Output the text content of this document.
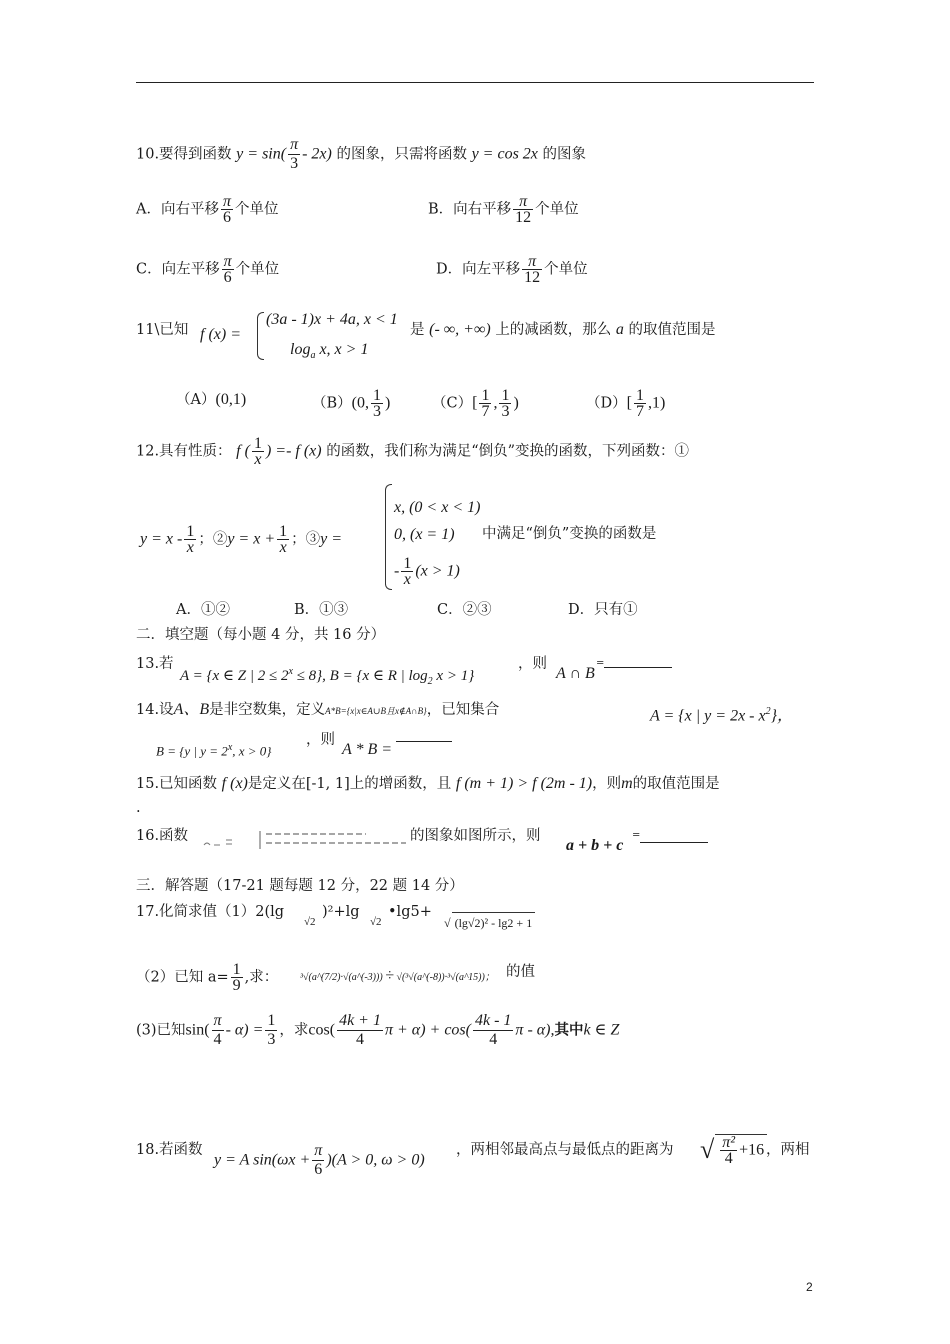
10.要得到函数 $y = \sin( \frac{\pi}{3} - 2x)$ 的图象，只需将函数 y = cos 2x 的图象
A．向右平移 $\frac{\pi}{6}$ 个单位	B．向右平移 $\frac{\pi}{12}$ 个单位
C．向左平移 $\frac{\pi}{6}$ 个单位	D．向左平移 $\frac{\pi}{12}$ 个单位
11\已知 f (x) =
(3a - 1)x + 4a, x < 1
$\log_a x$, x > 1
是 (- ∞, +∞) 上的减函数，那么 a 的取值范围是
（A）(0,1)	（B）(0, $\frac{1}{3}$ )	$(C)[ \frac{1}{7}$ , $\frac{1}{3}$ )	$(D)[ \frac{1}{7} ,1)$
12.具有性质： f ( $\frac{1}{x}$ ) =- f (x) 的函数，我们称为满足“倒负”变换的函数，下列函数：①
$y = x - \frac{1}{x}$ ；②y = $x + \frac{1}{x}$ ；③y =
x, (0 < x < 1)
0, (x = 1)
- $\frac{1}{x} (x > 1)$
中满足“倒负”变换的函数是
A．①②	B．①③	C．②③	D．只有①
二．填空题（每小题 4 分，共 16 分）
13.若
A = {x ∈ Z | $2 \le 2^x \le 8$}, B = {x ∈ R | $\log_2 x > 1$}
，则
A ∩ B
=
14.设A、B是非空数集，定义A*B={x|x∈A∪B且x∉A∩B}，已知集合	A = {x | $y = 2x - x^2$}，
B = {y | $y = 2^x$, x > 0}
，则
A * B =
15.已知函数 f (x)是定义在[-1, 1]上的增函数，且 f (m + 1) > f (2m - 1)，则m的取值范围是
.
16.函数	的图象如图所示，则
a + b + c
=
三．解答题（17-21 题每题 12 分，22 题 14 分）
17.化简求值（1）2(lg
√2
)²+lg
√2
•lg5+
√ (lg√2)² - lg2 + 1
（2）已知 $a= \frac{1}{9}$ ,求： ³√(a^(7/2)·√(a^(-3))) ÷ √(³√(a^(-8))·³√(a^15))； 的值
(3)已知$\sin( \frac{\pi}{4} - \alpha) = \frac{1}{3}$ ，求$\cos( \frac{4k + 1}{4}$ $\pi + \alpha) + \cos( \frac{4k - 1}{4}$ π - α),其中k ∈ Z
18.若函数
y = A $\sin(\omega x + \frac{\pi}{6} )(A > 0$, ω > 0)
，两相邻最高点与最低点的距离为 √ $\frac{\text{π²}}{4} +16$ ，两相
2
